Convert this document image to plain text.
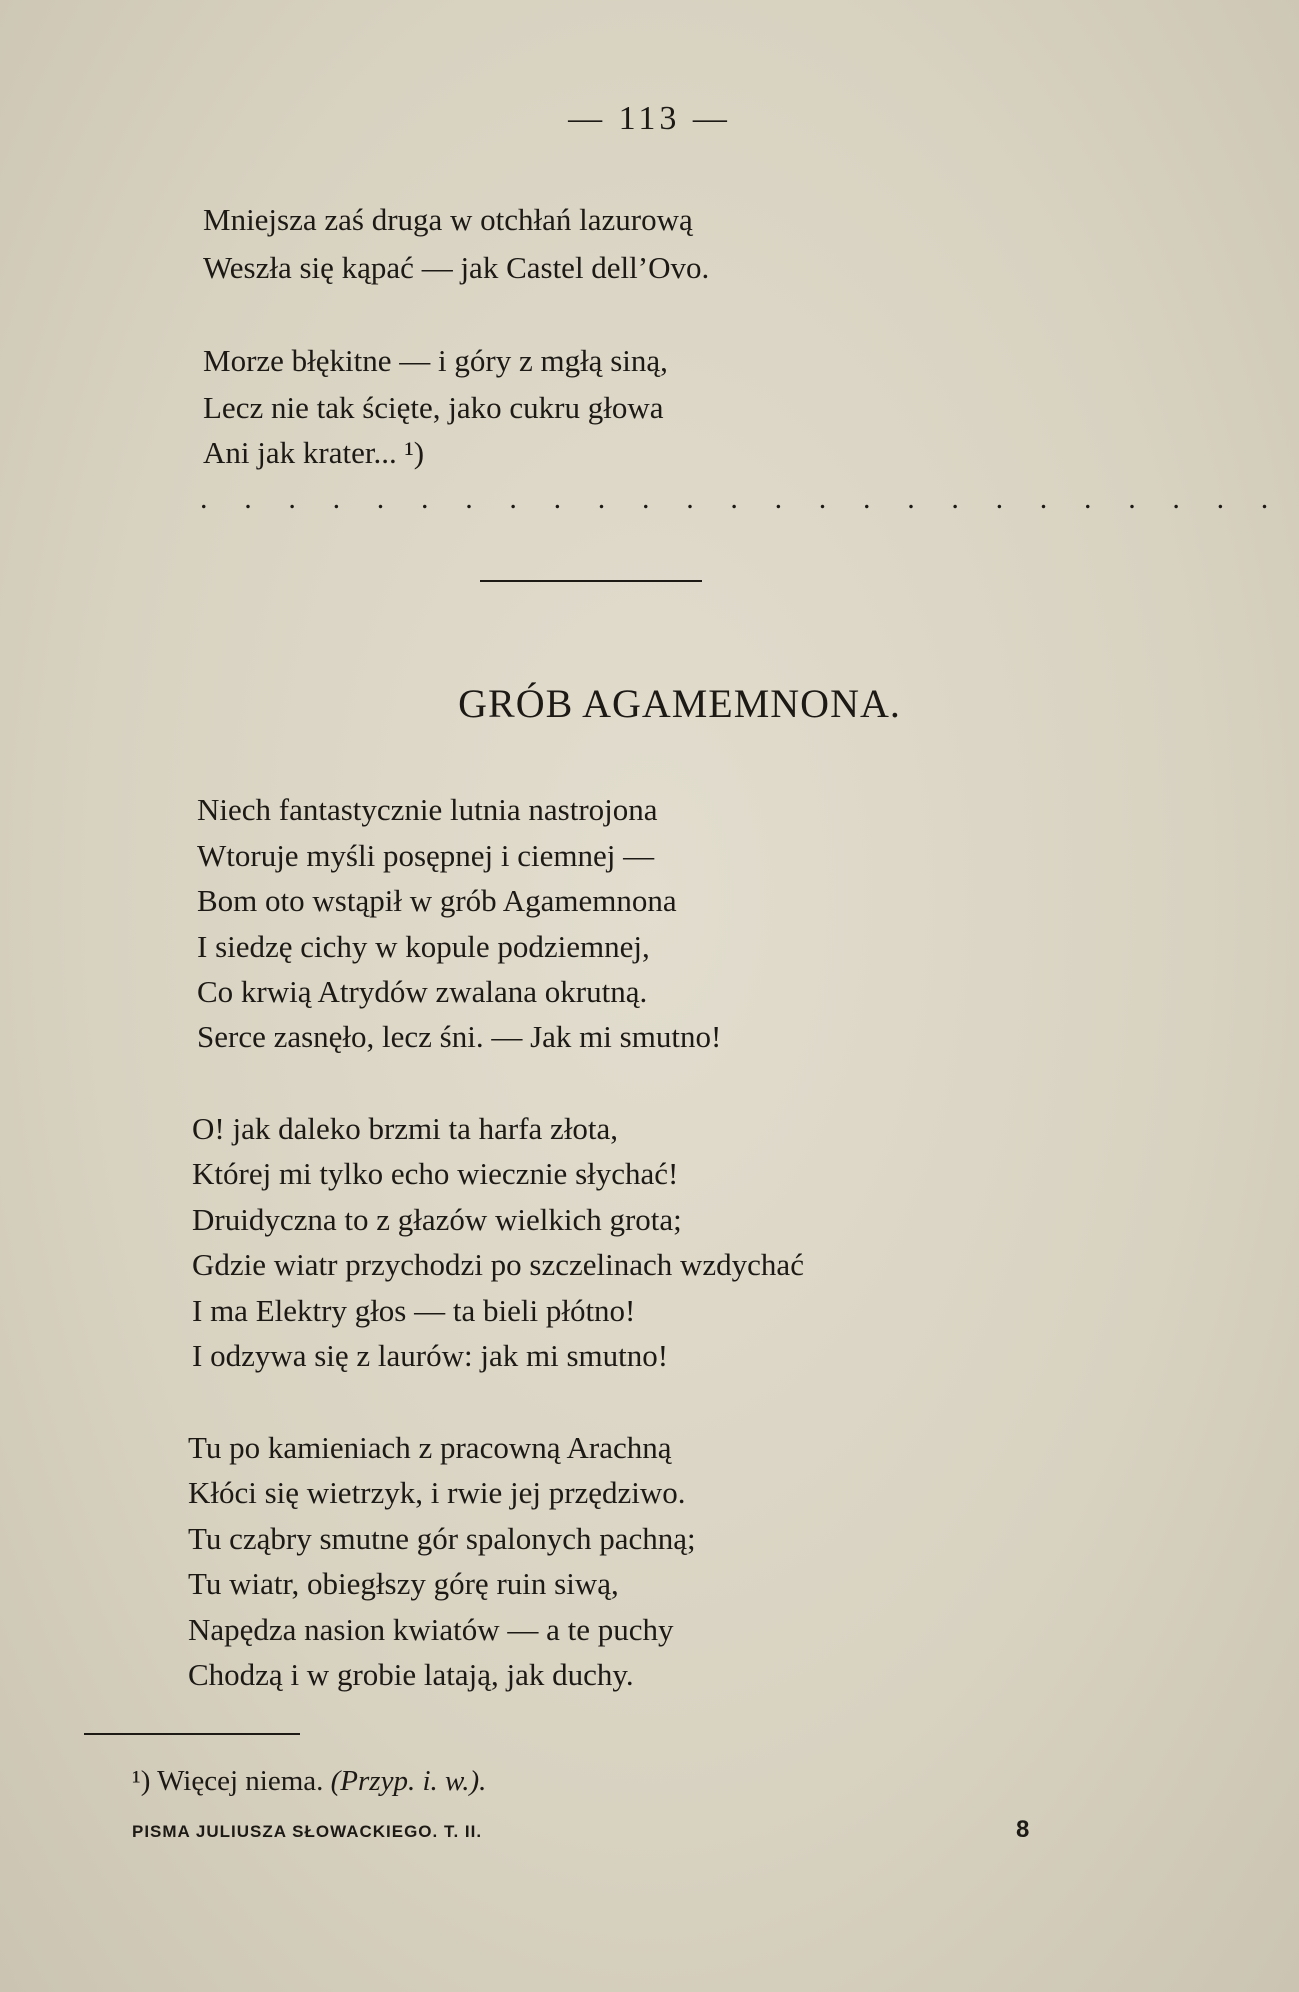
— 113 —
Mniejsza zaś druga w otchłań lazurową
Weszła się kąpać — jak Castel dell’Ovo.
Morze błękitne — i góry z mgłą siną,
Lecz nie tak ścięte, jako cukru głowa
Ani jak krater... ¹)
. . . . . . . . . . . . . . . . . . . . . . . . .
GRÓB AGAMEMNONA.
Niech fantastycznie lutnia nastrojona
Wtoruje myśli posępnej i ciemnej —
Bom oto wstąpił w grób Agamemnona
I siedzę cichy w kopule podziemnej,
Co krwią Atrydów zwalana okrutną.
Serce zasnęło, lecz śni. — Jak mi smutno!
O! jak daleko brzmi ta harfa złota,
Której mi tylko echo wiecznie słychać!
Druidyczna to z głazów wielkich grota;
Gdzie wiatr przychodzi po szczelinach wzdychać
I ma Elektry głos — ta bieli płótno!
I odzywa się z laurów: jak mi smutno!
Tu po kamieniach z pracowną Arachną
Kłóci się wietrzyk, i rwie jej przędziwo.
Tu cząbry smutne gór spalonych pachną;
Tu wiatr, obiegłszy górę ruin siwą,
Napędza nasion kwiatów — a te puchy
Chodzą i w grobie latają, jak duchy.
¹) Więcej niema. (Przyp. i. w.).
PISMA JULIUSZA SŁOWACKIEGO. T. II.	8
